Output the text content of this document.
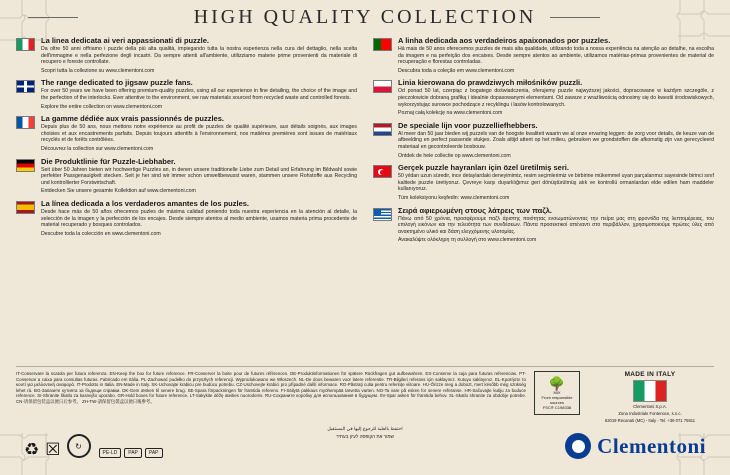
HIGH QUALITY COLLECTION

La linea dedicata ai veri appassionati di puzzle.

Da oltre 50 anni offriamo i puzzle della più alta qualità, impiegando tutta la nostra esperienza nella cura del dettaglio, nella scelta dell'immagine e nella perfezione degli incastri. Da sempre attenti all'ambiente, utilizziamo materie prime provenienti da materiale di recupero e foreste controllate.

Scopri tutta la collezione su www.clementoni.com

The range dedicated to jigsaw puzzle fans.

For over 50 years we have been offering premium-quality puzzles, using all our experience in fine detailing, the choice of the image and the perfection of the interlocks. Ever attentive to the environment, we raw materials sourced from recycled waste and controlled forests.

Explore the entire collection on www.clementoni.com

La gamme dédiée aux vrais passionnés de puzzles.

Depuis plus de 50 ans, nous mettons notre expérience au profit de puzzles de qualité supérieure, aux détails soignés, aux images choisies et aux encastrements parfaits. Depuis toujours attentifs à l'environnement, nos matières premières sont issues de matériaux recyclés et de forêts contrôlées.

Découvrez la collection sur www.clementoni.com

Die Produktlinie für Puzzle-Liebhaber.

Seit über 50 Jahren bieten wir hochwertige Puzzles an, in denen unsere traditionelle Liebe zum Detail und Erfahrung im Bildwahl sowie perfekter Passgenauigkeit stecken. Seit je her sind wir immer schon umweltbewusst waren, stammen unsere Rohstoffe aus Recycling und kontrollierter Forstwirtschaft.

Entdecken Sie unsere gesamte Kollektion auf www.clementoni.com

La línea dedicada a los verdaderos amantes de los puzles.

Desde hace más de 50 años ofrecemos puzles de máxima calidad poniendo toda nuestra experiencia en la atención al detalle, la selección de la imagen y la perfección de los encajes. Desde siempre atentos al medio ambiente, usamos materia prima procedente de material recuperado y bosques controlados.

Descubre toda la colección en www.clementoni.com

A linha dedicada aos verdadeiros apaixonados por puzzles.

Há mais de 50 anos oferecemos puzzles de mais alta qualidade, utilizando toda a nossa experiência na atenção ao detalhe, na escolha da imagem e na perfeição dos encaixes. Desde sempre atentos ao ambiente, utilizamos matérias-primas provenientes de material de recuperação e florestas controladas.

Descubra toda a coleção em www.clementoni.com

Linia kierowana do prawdziwych miłośników puzzli.

Od ponad 50 lat, czerpiąc z bogatego doświadczenia, oferujemy puzzle najwyższej jakości, dopracowane w każdym szczególe, z pieczołowicie dobraną grafiką i idealnie dopasowanymi elementami. Od zawsze z wrażliwością odnosimy się do kwestii środowiskowych, wykorzystując surowce pochodzące z recyklingu i lasów kontrolowanych.

Poznaj całą kolekcję na www.clementoni.com

De speciale lijn voor puzzelliefhebbers.

Al meer dan 50 jaar bieden wij puzzels van de hoogste kwaliteit waarin we al onze ervaring leggen: de zorg voor details, de keuze van de afbeelding en perfect passende stukjes. Zoals altijd attent op het milieu, gebruiken we grondstoffen die afkomstig zijn van gerecycleerd materiaal en gecontroleerde bosbouw.

Ontdek de hele collectie op www.clementoni.com

Gerçek puzzle hayranları için özel üretilmiş seri.

50 yıldan uzun süredir, ince detaylardaki deneyimimiz, resim seçimlerimiz ve birbirine mükemmel uyan parçalarımız sayesinde birinci sınıf kalitede puzzle üretiyoruz. Çevreye karşı duyarlılığımız geri dönüştürülmüş atık ve kontrollü ormanlardan elde edilen ham maddeler kullanıyoruz.

Tüm koleksiyonu keşfedin: www.clementoni.com

Σειρά αφιερωμένη στους λάτρεις των παζλ.

Πάνω από 50 χρόνια, προσφέρουμε παζλ άριστης ποιότητας ενσωματώνοντας την πείρα μας στη φροντίδα της λεπτομέρειας, του επιλογή εικόνων και την τελειότητα των συνδέσεων. Πάντα προσεκτικοί απέναντι στο περιβάλλον, χρησιμοποιούμε πρώτες ύλες από ανακτημένο υλικό και δάση ελεγχόμενης υλοτομίας.

Ανακαλύψτε ολόκληρη τη συλλογή στο www.clementoni.com

IT-Conservare la scatola per futura referenza. EN-Keep the box for future reference. FR-Conserver la boite pour de futures références. DE-Produktinformationen für spätere Rückfragen gut aufbewahren. ES-Conserve la caja para futuras referencias. PT-Conservar a caixa para consultas futuras. Fabricado em Itália. PL-Zachować pudełko do przyszłych referencji. Wyprodukowano we Włoszech. NL-De doos bewaren voor latere referentie. TR-Bilgileri referans için saklayınız. Kutuyu saklayınız. EL-Κρατήστε το κουτί για μελλοντική αναφορά. IT-Prodotto in Italia. EN-Made in Italy. SK-Uchovajte krabicu pre budúcu potrebu. CZ-Uschovejte krabici pro případné další informace. RO-Păstraţi cutia pentru referinţe viitoare. HU-Őrizze meg a dobozt, mert később még szükség lehet rá. BG-Запазете кутията за бъдещи справки. DK-Gem æsken til senere brug. SE-Spara förpackningen för framtida referens. FI-Säilytä pakkaus myöhempää tarvetta varten. NO-Ta vare på esken for senere referanse. HR-Sačuvajte kutiju za buduce reference. SI-Shranite škatlo za kasnejšo uporabo. GR-Hold boxes for future reference. LT-Sakykite déžę ateities nuorodoms. RU-Сохраните коробку для использования в будущем. SV-Spar asken för framtida behov. SL-Skatlo shranite za obdobje potrebe. CN-请保留包装盒以便日后参考。 ZH-TW-請保留包裝盒以便日後參考。
🌳
MIX
From responsible
sources
FSC® C198338
MADE IN ITALY
Clementoni S.p.A.
Zona Industriale Fontenoce, s.n.c.
62019 Recanati (MC) - Italy - Tel. +39 071 75811
احتفظ بالعلبة للرجوع إليها في المستقبل
שמור את הקופסה לעיון בעתיד
♻ ☒	↻
PE-LD	PAP	PAP	Clementoni
